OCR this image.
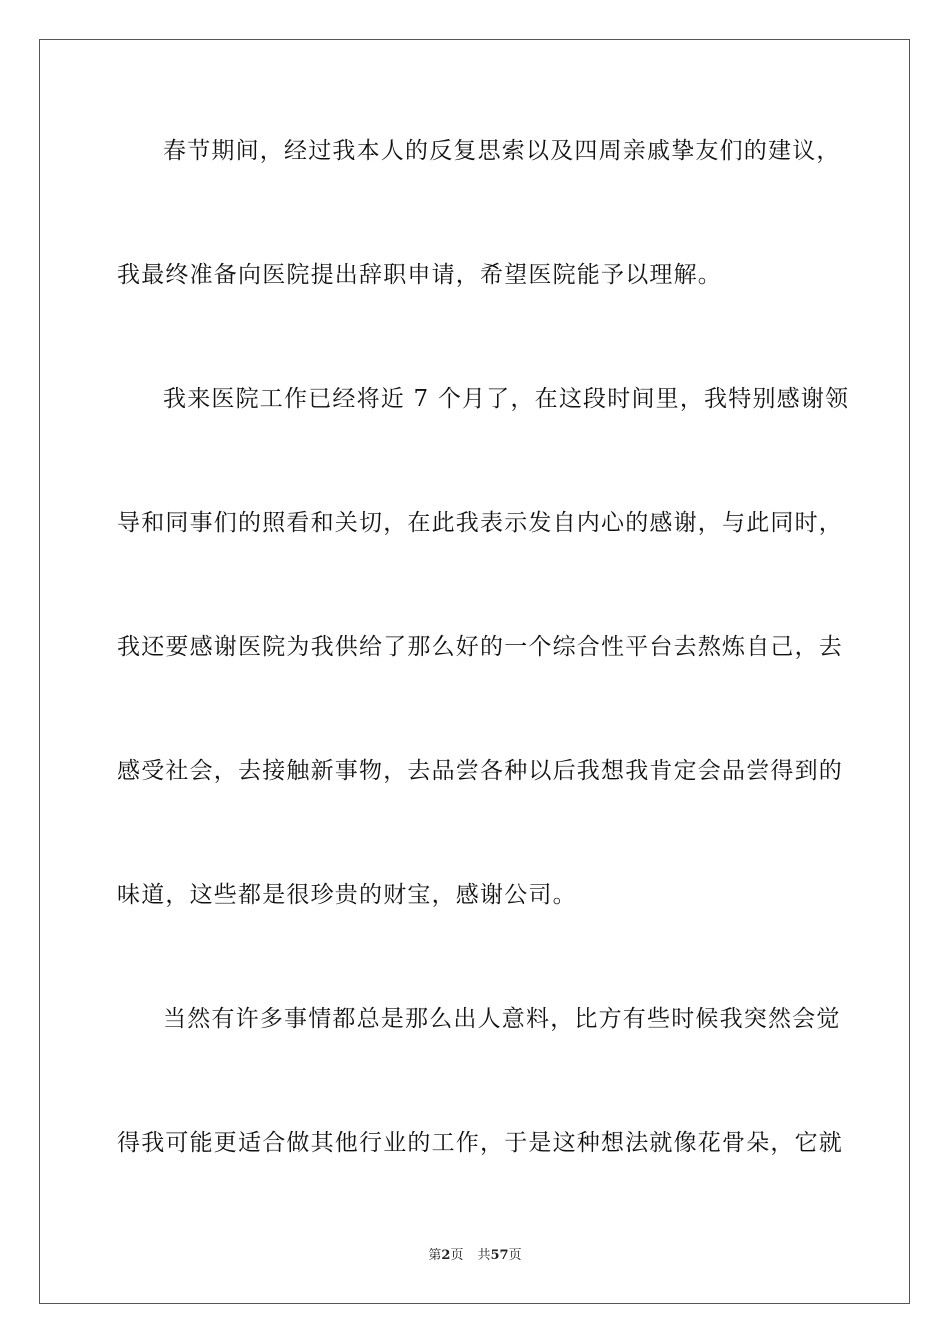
春节期间，经过我本人的反复思索以及四周亲戚挚友们的建议，
我最终准备向医院提出辞职申请，希望医院能予以理解。
我来医院工作已经将近 7 个月了，在这段时间里，我特别感谢领
导和同事们的照看和关切，在此我表示发自内心的感谢，与此同时，
我还要感谢医院为我供给了那么好的一个综合性平台去熬炼自己，去
感受社会，去接触新事物，去品尝各种以后我想我肯定会品尝得到的
味道，这些都是很珍贵的财宝，感谢公司。
当然有许多事情都总是那么出人意料，比方有些时候我突然会觉
得我可能更适合做其他行业的工作，于是这种想法就像花骨朵，它就
第2页 共57页
